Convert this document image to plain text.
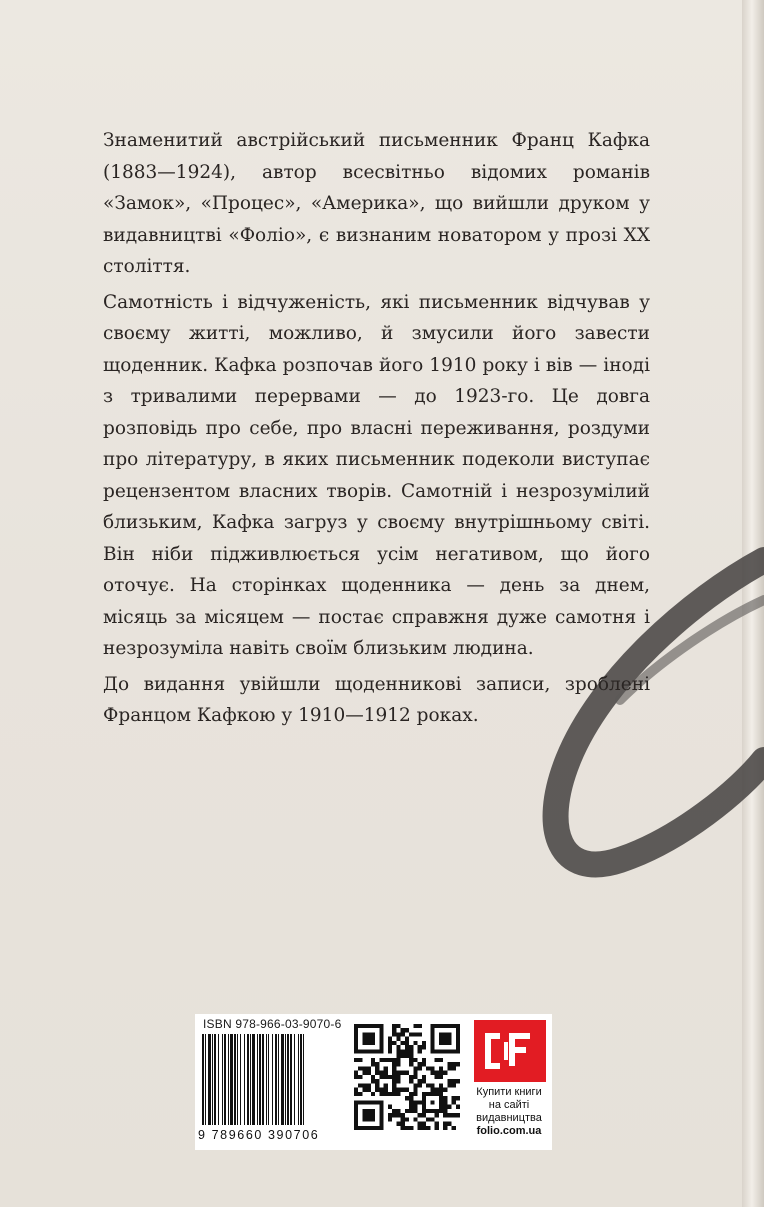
Знаменитий австрійський письменник Франц Кафка (1883—1924), автор всесвітньо відомих романів «Замок», «Процес», «Америка», що вийшли друком у видавництві «Фоліо», є визнаним новатором у прозі XX століття.

Самотність і відчуженість, які письменник відчував у своєму житті, можливо, й змусили його завести щоденник. Кафка розпочав його 1910 року і вів — іноді з тривалими перервами — до 1923-го. Це довга розповідь про себе, про власні переживання, роздуми про літературу, в яких письменник подеколи виступає рецензентом власних творів. Самотній і незрозумілий близьким, Кафка загруз у своєму внутрішньому світі. Він ніби підживлюється усім негативом, що його оточує. На сторінках щоденника — день за днем, місяць за місяцем — постає справжня дуже самотня і незрозуміла навіть своїм близьким людина.

До видання увійшли щоденникові записи, зроблені Францом Кафкою у 1910—1912 роках.

ISBN 978-966-03-9070-6
9 789660 390706
Купити книги
на сайті
видавництва
folio.com.ua
